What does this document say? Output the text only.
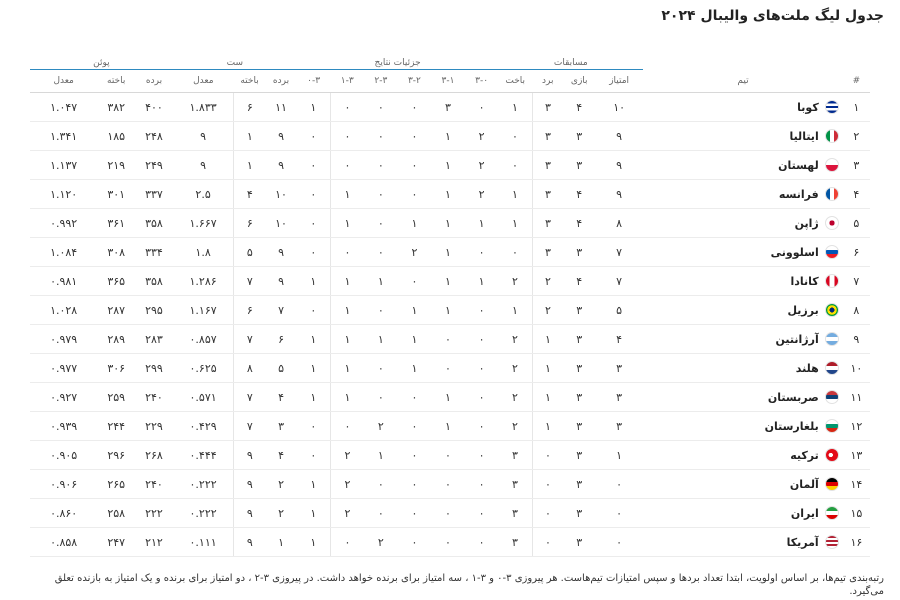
جدول لیگ ملت‌های والیبال ۲۰۲۴
		مسابقات				جزئیات نتایج						ست			پوئن		
#	تیم	امتیاز	بازی	برد	باخت	۳-۰	۳-۱	۳-۲	۲-۳	۱-۳	۰-۳	برده	باخته	معدل	برده	باخته	معدل
۱	کوبا	۱۰	۴	۳	۱	۰	۳	۰	۰	۰	۱	۱۱	۶	۱.۸۳۳	۴۰۰	۳۸۲	۱.۰۴۷
۲	ایتالیا	۹	۳	۳	۰	۲	۱	۰	۰	۰	۰	۹	۱	۹	۲۴۸	۱۸۵	۱.۳۴۱
۳	لهستان	۹	۳	۳	۰	۲	۱	۰	۰	۰	۰	۹	۱	۹	۲۴۹	۲۱۹	۱.۱۳۷
۴	فرانسه	۹	۴	۳	۱	۲	۱	۰	۰	۱	۰	۱۰	۴	۲.۵	۳۳۷	۳۰۱	۱.۱۲۰
۵	ژاپن	۸	۴	۳	۱	۱	۱	۱	۰	۱	۰	۱۰	۶	۱.۶۶۷	۳۵۸	۳۶۱	۰.۹۹۲
۶	اسلوونی	۷	۳	۳	۰	۰	۱	۲	۰	۰	۰	۹	۵	۱.۸	۳۳۴	۳۰۸	۱.۰۸۴
۷	کانادا	۷	۴	۲	۲	۱	۱	۰	۱	۱	۱	۹	۷	۱.۲۸۶	۳۵۸	۳۶۵	۰.۹۸۱
۸	برزیل	۵	۳	۲	۱	۰	۱	۱	۰	۱	۰	۷	۶	۱.۱۶۷	۲۹۵	۲۸۷	۱.۰۲۸
۹	آرژانتین	۴	۳	۱	۲	۰	۰	۱	۱	۱	۱	۶	۷	۰.۸۵۷	۲۸۳	۲۸۹	۰.۹۷۹
۱۰	هلند	۳	۳	۱	۲	۰	۰	۱	۰	۱	۱	۵	۸	۰.۶۲۵	۲۹۹	۳۰۶	۰.۹۷۷
۱۱	صربستان	۳	۳	۱	۲	۰	۱	۰	۰	۱	۱	۴	۷	۰.۵۷۱	۲۴۰	۲۵۹	۰.۹۲۷
۱۲	بلغارستان	۳	۳	۱	۲	۰	۱	۰	۲	۰	۰	۳	۷	۰.۴۲۹	۲۲۹	۲۴۴	۰.۹۳۹
۱۳	ترکیه	۱	۳	۰	۳	۰	۰	۰	۱	۲	۰	۴	۹	۰.۴۴۴	۲۶۸	۲۹۶	۰.۹۰۵
۱۴	آلمان	۰	۳	۰	۳	۰	۰	۰	۰	۲	۱	۲	۹	۰.۲۲۲	۲۴۰	۲۶۵	۰.۹۰۶
۱۵	ایران	۰	۳	۰	۳	۰	۰	۰	۰	۲	۱	۲	۹	۰.۲۲۲	۲۲۲	۲۵۸	۰.۸۶۰
۱۶	آمریکا	۰	۳	۰	۳	۰	۰	۰	۲	۰	۱	۱	۹	۰.۱۱۱	۲۱۲	۲۴۷	۰.۸۵۸
رتبه‌بندی تیم‌ها، بر اساس اولویت، ابتدا تعداد بردها و سپس امتیازات تیم‌هاست. هر پیروزی ۳-۰ و ۳-۱ ، سه امتیاز برای برنده خواهد داشت. در پیروزی ۳-۲ ، دو امتیاز برای برنده و یک امتیاز به بازنده تعلق می‌گیرد.
